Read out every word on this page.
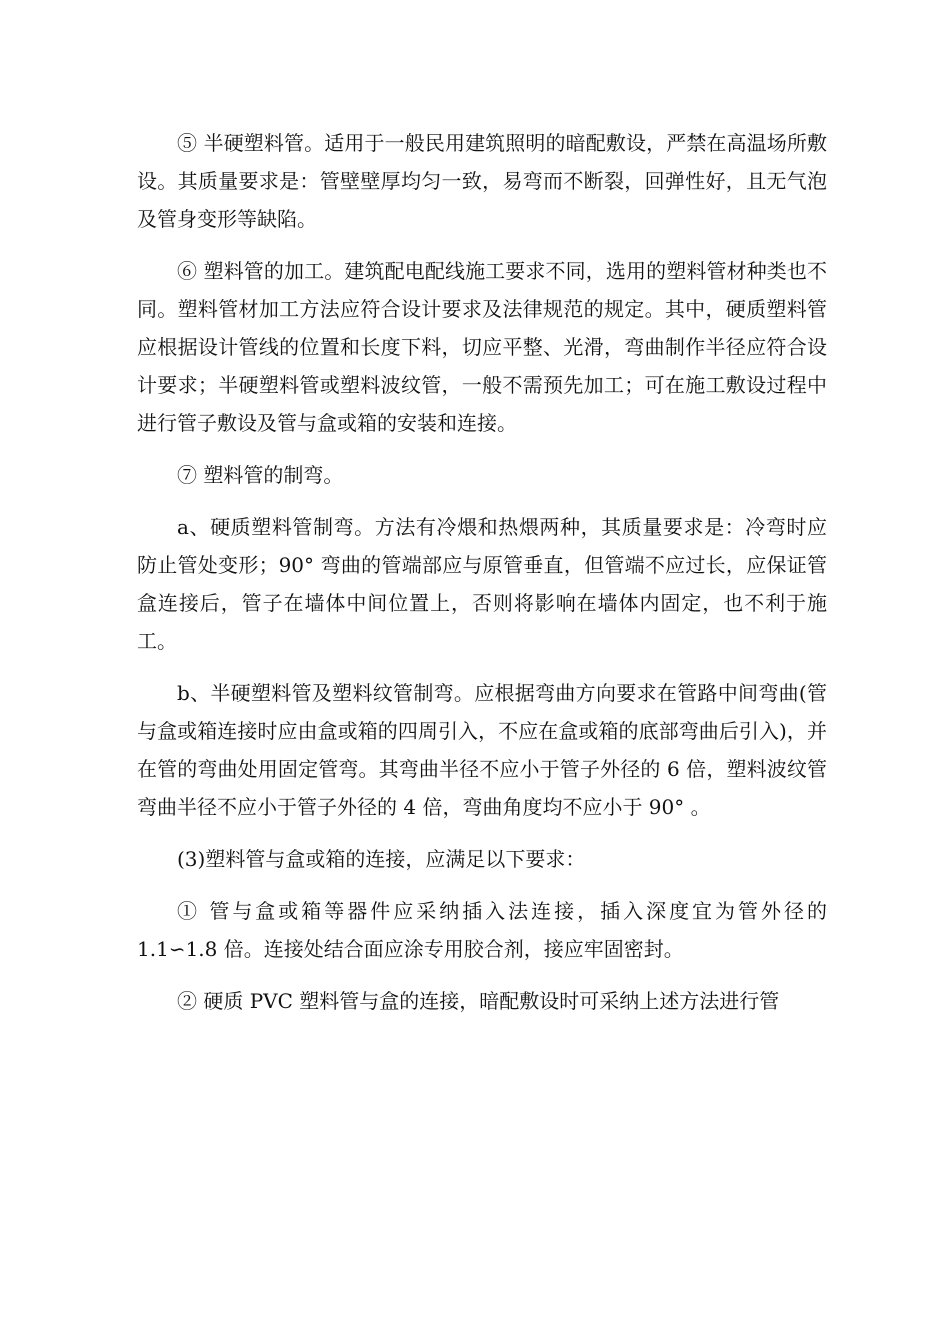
⑤ 半硬塑料管。适用于一般民用建筑照明的暗配敷设，严禁在高温场所敷设。其质量要求是：管壁壁厚均匀一致，易弯而不断裂，回弹性好，且无气泡及管身变形等缺陷。

⑥ 塑料管的加工。建筑配电配线施工要求不同，选用的塑料管材种类也不同。塑料管材加工方法应符合设计要求及法律规范的规定。其中，硬质塑料管应根据设计管线的位置和长度下料，切应平整、光滑，弯曲制作半径应符合设计要求；半硬塑料管或塑料波纹管，一般不需预先加工；可在施工敷设过程中进行管子敷设及管与盒或箱的安装和连接。

⑦ 塑料管的制弯。

a、硬质塑料管制弯。方法有冷煨和热煨两种，其质量要求是：冷弯时应防止管处变形；90° 弯曲的管端部应与原管垂直，但管端不应过长，应保证管盒连接后，管子在墙体中间位置上，否则将影响在墙体内固定，也不利于施工。

b、半硬塑料管及塑料纹管制弯。应根据弯曲方向要求在管路中间弯曲(管与盒或箱连接时应由盒或箱的四周引入，不应在盒或箱的底部弯曲后引入)，并在管的弯曲处用固定管弯。其弯曲半径不应小于管子外径的 6 倍，塑料波纹管弯曲半径不应小于管子外径的 4 倍，弯曲角度均不应小于 90° 。

(3)塑料管与盒或箱的连接，应满足以下要求：

① 管与盒或箱等器件应采纳插入法连接，插入深度宜为管外径的 1.1∽1.8 倍。连接处结合面应涂专用胶合剂，接应牢固密封。

② 硬质 PVC 塑料管与盒的连接，暗配敷设时可采纳上述方法进行管
